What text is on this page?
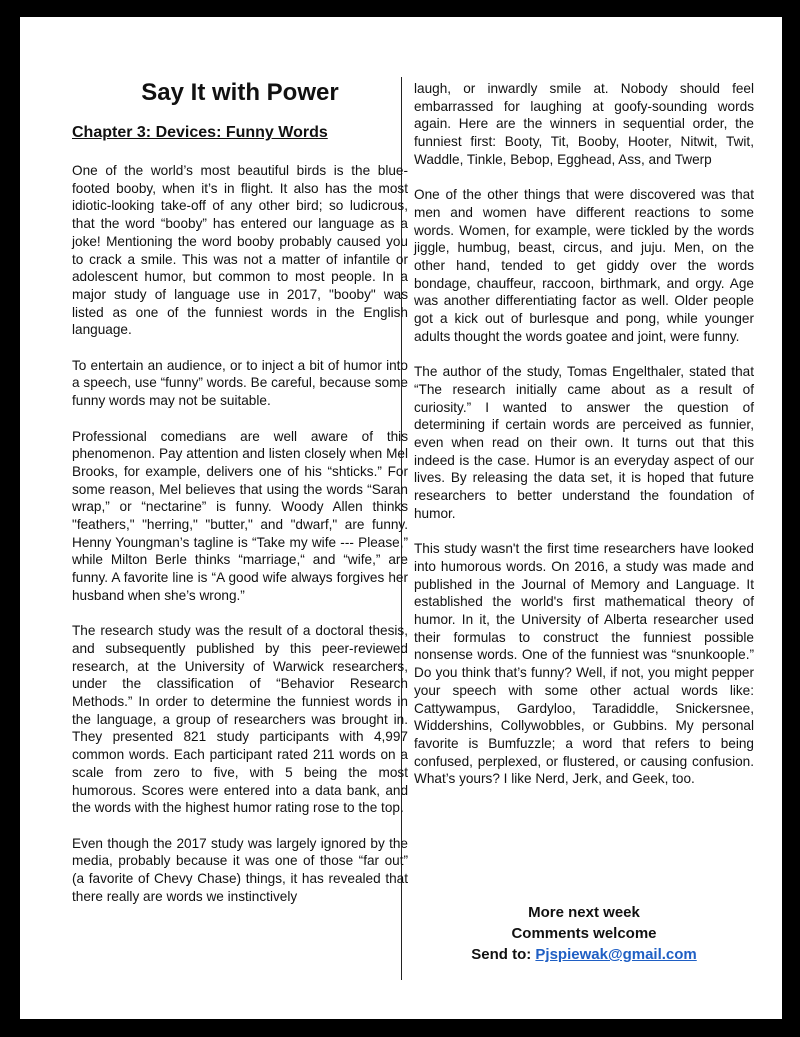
Say It with Power
Chapter 3: Devices: Funny Words

One of the world’s most beautiful birds is the blue-footed booby, when it’s in flight. It also has the most idiotic-looking take-off of any other bird; so ludicrous, that the word “booby” has entered our language as a joke! Mentioning the word booby probably caused you to crack a smile. This was not a matter of infantile or adolescent humor, but common to most people. In a major study of language use in 2017, "booby" was listed as one of the funniest words in the English language.

To entertain an audience, or to inject a bit of humor into a speech, use “funny” words. Be careful, because some funny words may not be suitable.

Professional comedians are well aware of this phenomenon. Pay attention and listen closely when Mel Brooks, for example, delivers one of his “shticks.” For some reason, Mel believes that using the words “Saran wrap,” or “nectarine” is funny. Woody Allen thinks "feathers," "herring," "butter," and "dwarf," are funny. Henny Youngman’s tagline is “Take my wife --- Please,” while Milton Berle thinks “marriage,“ and “wife,” are funny. A favorite line is “A good wife always forgives her husband when she’s wrong.”

The research study was the result of a doctoral thesis, and subsequently published by this peer-reviewed research, at the University of Warwick researchers, under the classification of “Behavior Research Methods.” In order to determine the funniest words in the language, a group of researchers was brought in. They presented 821 study participants with 4,997 common words. Each participant rated 211 words on a scale from zero to five, with 5 being the most humorous. Scores were entered into a data bank, and the words with the highest humor rating rose to the top.

Even though the 2017 study was largely ignored by the media, probably because it was one of those “far out” (a favorite of Chevy Chase) things, it has revealed that there really are words we instinctively

laugh, or inwardly smile at. Nobody should feel embarrassed for laughing at goofy-sounding words again. Here are the winners in sequential order, the funniest first: Booty, Tit, Booby, Hooter, Nitwit, Twit, Waddle, Tinkle, Bebop, Egghead, Ass, and Twerp

One of the other things that were discovered was that men and women have different reactions to some words. Women, for example, were tickled by the words jiggle, humbug, beast, circus, and juju. Men, on the other hand, tended to get giddy over the words bondage, chauffeur, raccoon, birthmark, and orgy. Age was another differentiating factor as well. Older people got a kick out of burlesque and pong, while younger adults thought the words goatee and joint, were funny.

The author of the study, Tomas Engelthaler, stated that “The research initially came about as a result of curiosity.” I wanted to answer the question of determining if certain words are perceived as funnier, even when read on their own. It turns out that this indeed is the case. Humor is an everyday aspect of our lives. By releasing the data set, it is hoped that future researchers to better understand the foundation of humor.

This study wasn't the first time researchers have looked into humorous words. On 2016, a study was made and published in the Journal of Memory and Language. It established the world's first mathematical theory of humor. In it, the University of Alberta researcher used their formulas to construct the funniest possible nonsense words. One of the funniest was “snunkoople.” Do you think that’s funny? Well, if not, you might pepper your speech with some other actual words like: Cattywampus, Gardyloo, Taradiddle, Snickersnee, Widdershins, Collywobbles, or Gubbins. My personal favorite is Bumfuzzle; a word that refers to being confused, perplexed, or flustered, or causing confusion. What’s yours? I like Nerd, Jerk, and Geek, too.

More next week
Comments welcome
Send to: Pjspiewak@gmail.com
